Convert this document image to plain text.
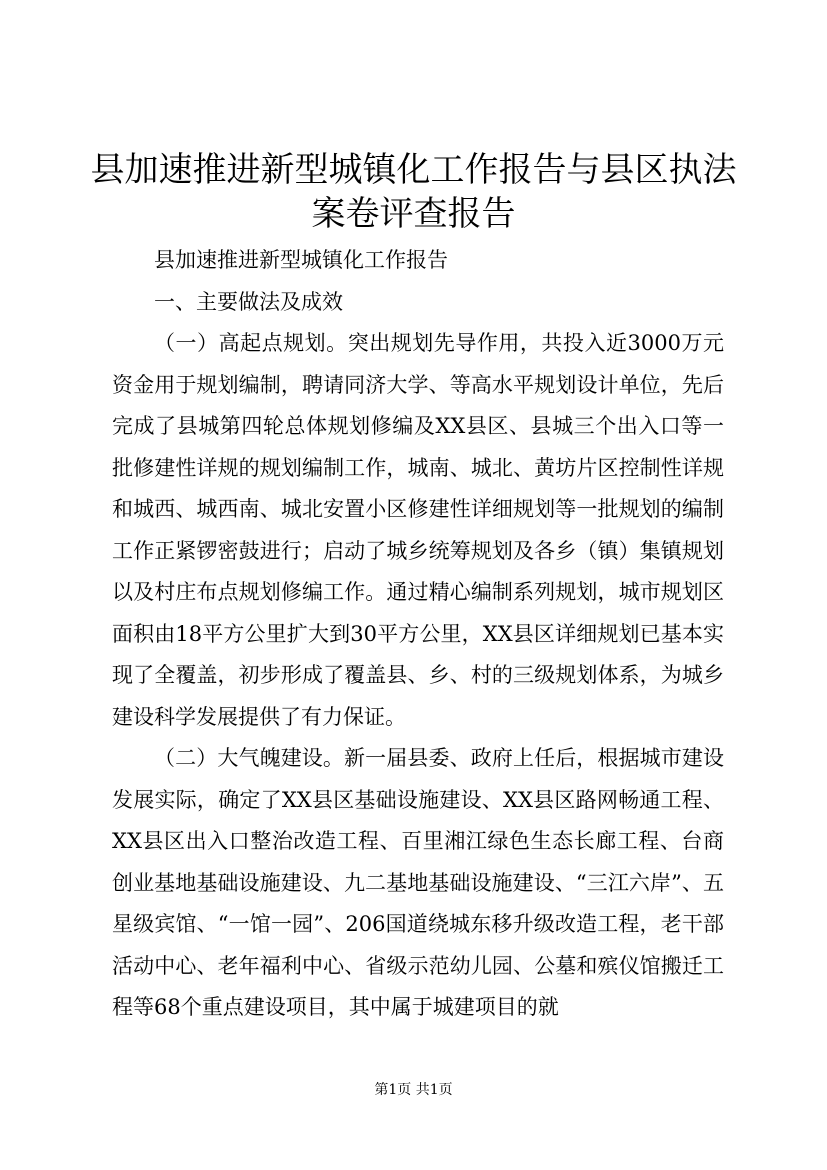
县加速推进新型城镇化工作报告与县区执法案卷评查报告

县加速推进新型城镇化工作报告

一、主要做法及成效

（一）高起点规划。突出规划先导作用，共投入近3000万元资金用于规划编制，聘请同济大学、等高水平规划设计单位，先后完成了县城第四轮总体规划修编及XX县区、县城三个出入口等一批修建性详规的规划编制工作，城南、城北、黄坊片区控制性详规和城西、城西南、城北安置小区修建性详细规划等一批规划的编制工作正紧锣密鼓进行；启动了城乡统筹规划及各乡（镇）集镇规划以及村庄布点规划修编工作。通过精心编制系列规划，城市规划区面积由18平方公里扩大到30平方公里，XX县区详细规划已基本实现了全覆盖，初步形成了覆盖县、乡、村的三级规划体系，为城乡建设科学发展提供了有力保证。

（二）大气魄建设。新一届县委、政府上任后，根据城市建设发展实际，确定了XX县区基础设施建设、XX县区路网畅通工程、XX县区出入口整治改造工程、百里湘江绿色生态长廊工程、台商创业基地基础设施建设、九二基地基础设施建设、“三江六岸”、五星级宾馆、“一馆一园”、206国道绕城东移升级改造工程，老干部活动中心、老年福利中心、省级示范幼儿园、公墓和殡仪馆搬迁工程等68个重点建设项目，其中属于城建项目的就

第1页 共1页
